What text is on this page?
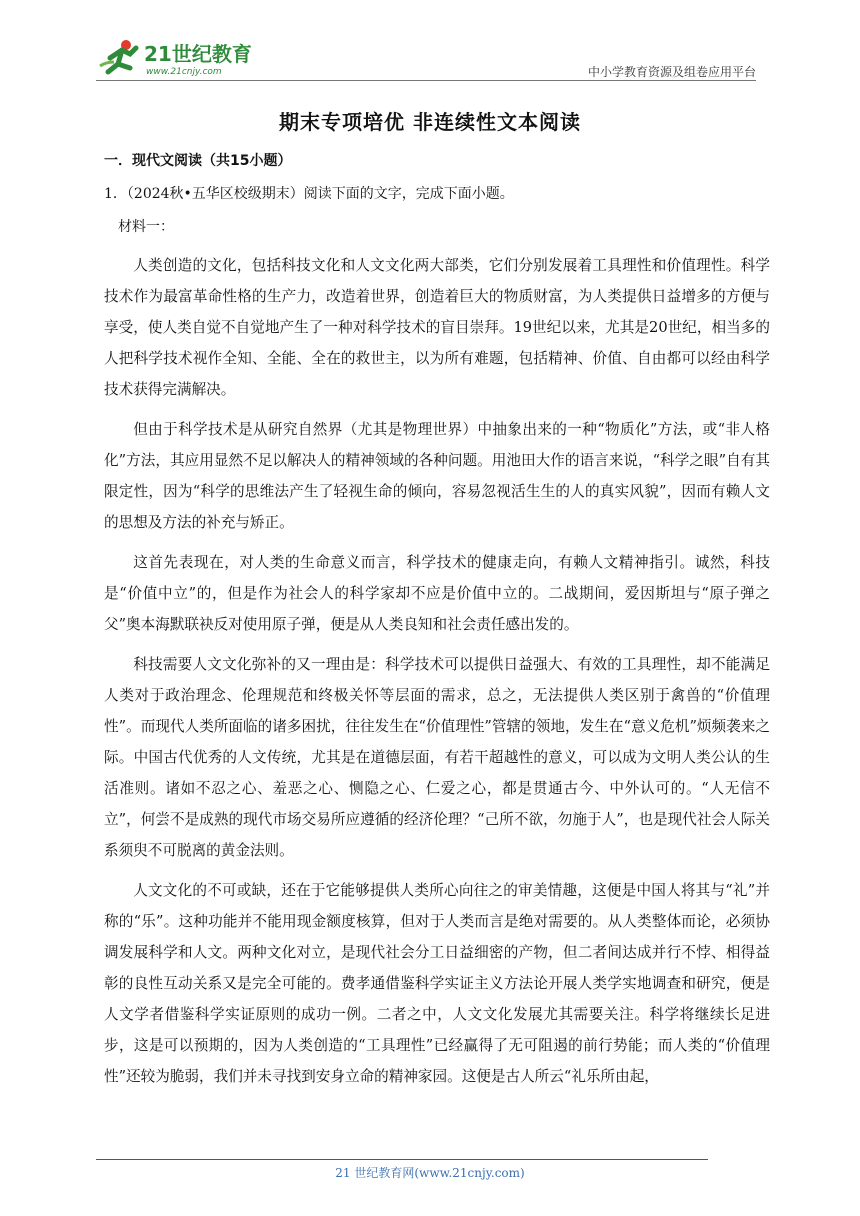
21世纪教育
www.21cnjy.com	中小学教育资源及组卷应用平台
期末专项培优 非连续性文本阅读
一．现代文阅读（共15小题）
1．（2024秋•五华区校级期末）阅读下面的文字，完成下面小题。
材料一：

人类创造的文化，包括科技文化和人文文化两大部类，它们分别发展着工具理性和价值理性。科学技术作为最富革命性格的生产力，改造着世界，创造着巨大的物质财富，为人类提供日益增多的方便与享受，使人类自觉不自觉地产生了一种对科学技术的盲目崇拜。19世纪以来，尤其是20世纪，相当多的人把科学技术视作全知、全能、全在的救世主，以为所有难题，包括精神、价值、自由都可以经由科学技术获得完满解决。

但由于科学技术是从研究自然界（尤其是物理世界）中抽象出来的一种“物质化”方法，或“非人格化”方法，其应用显然不足以解决人的精神领域的各种问题。用池田大作的语言来说，“科学之眼”自有其限定性，因为“科学的思维法产生了轻视生命的倾向，容易忽视活生生的人的真实风貌”，因而有赖人文的思想及方法的补充与矫正。

这首先表现在，对人类的生命意义而言，科学技术的健康走向，有赖人文精神指引。诚然，科技是“价值中立”的，但是作为社会人的科学家却不应是价值中立的。二战期间，爱因斯坦与“原子弹之父”奥本海默联袂反对使用原子弹，便是从人类良知和社会责任感出发的。

科技需要人文文化弥补的又一理由是：科学技术可以提供日益强大、有效的工具理性，却不能满足人类对于政治理念、伦理规范和终极关怀等层面的需求，总之，无法提供人类区别于禽兽的“价值理性”。而现代人类所面临的诸多困扰，往往发生在“价值理性”管辖的领地，发生在“意义危机”烦频袭来之际。中国古代优秀的人文传统，尤其是在道德层面，有若干超越性的意义，可以成为文明人类公认的生活准则。诸如不忍之心、羞恶之心、恻隐之心、仁爱之心，都是贯通古今、中外认可的。“人无信不立”，何尝不是成熟的现代市场交易所应遵循的经济伦理？“己所不欲，勿施于人”，也是现代社会人际关系须臾不可脱离的黄金法则。

人文文化的不可或缺，还在于它能够提供人类所心向往之的审美情趣，这便是中国人将其与“礼”并称的“乐”。这种功能并不能用现金额度核算，但对于人类而言是绝对需要的。从人类整体而论，必须协调发展科学和人文。两种文化对立，是现代社会分工日益细密的产物，但二者间达成并行不悖、相得益彰的良性互动关系又是完全可能的。费孝通借鉴科学实证主义方法论开展人类学实地调查和研究，便是人文学者借鉴科学实证原则的成功一例。二者之中，人文文化发展尤其需要关注。科学将继续长足进步，这是可以预期的，因为人类创造的“工具理性”已经赢得了无可阻遏的前行势能；而人类的“价值理性”还较为脆弱，我们并未寻找到安身立命的精神家园。这便是古人所云“礼乐所由起，

21 世纪教育网(www.21cnjy.com)
